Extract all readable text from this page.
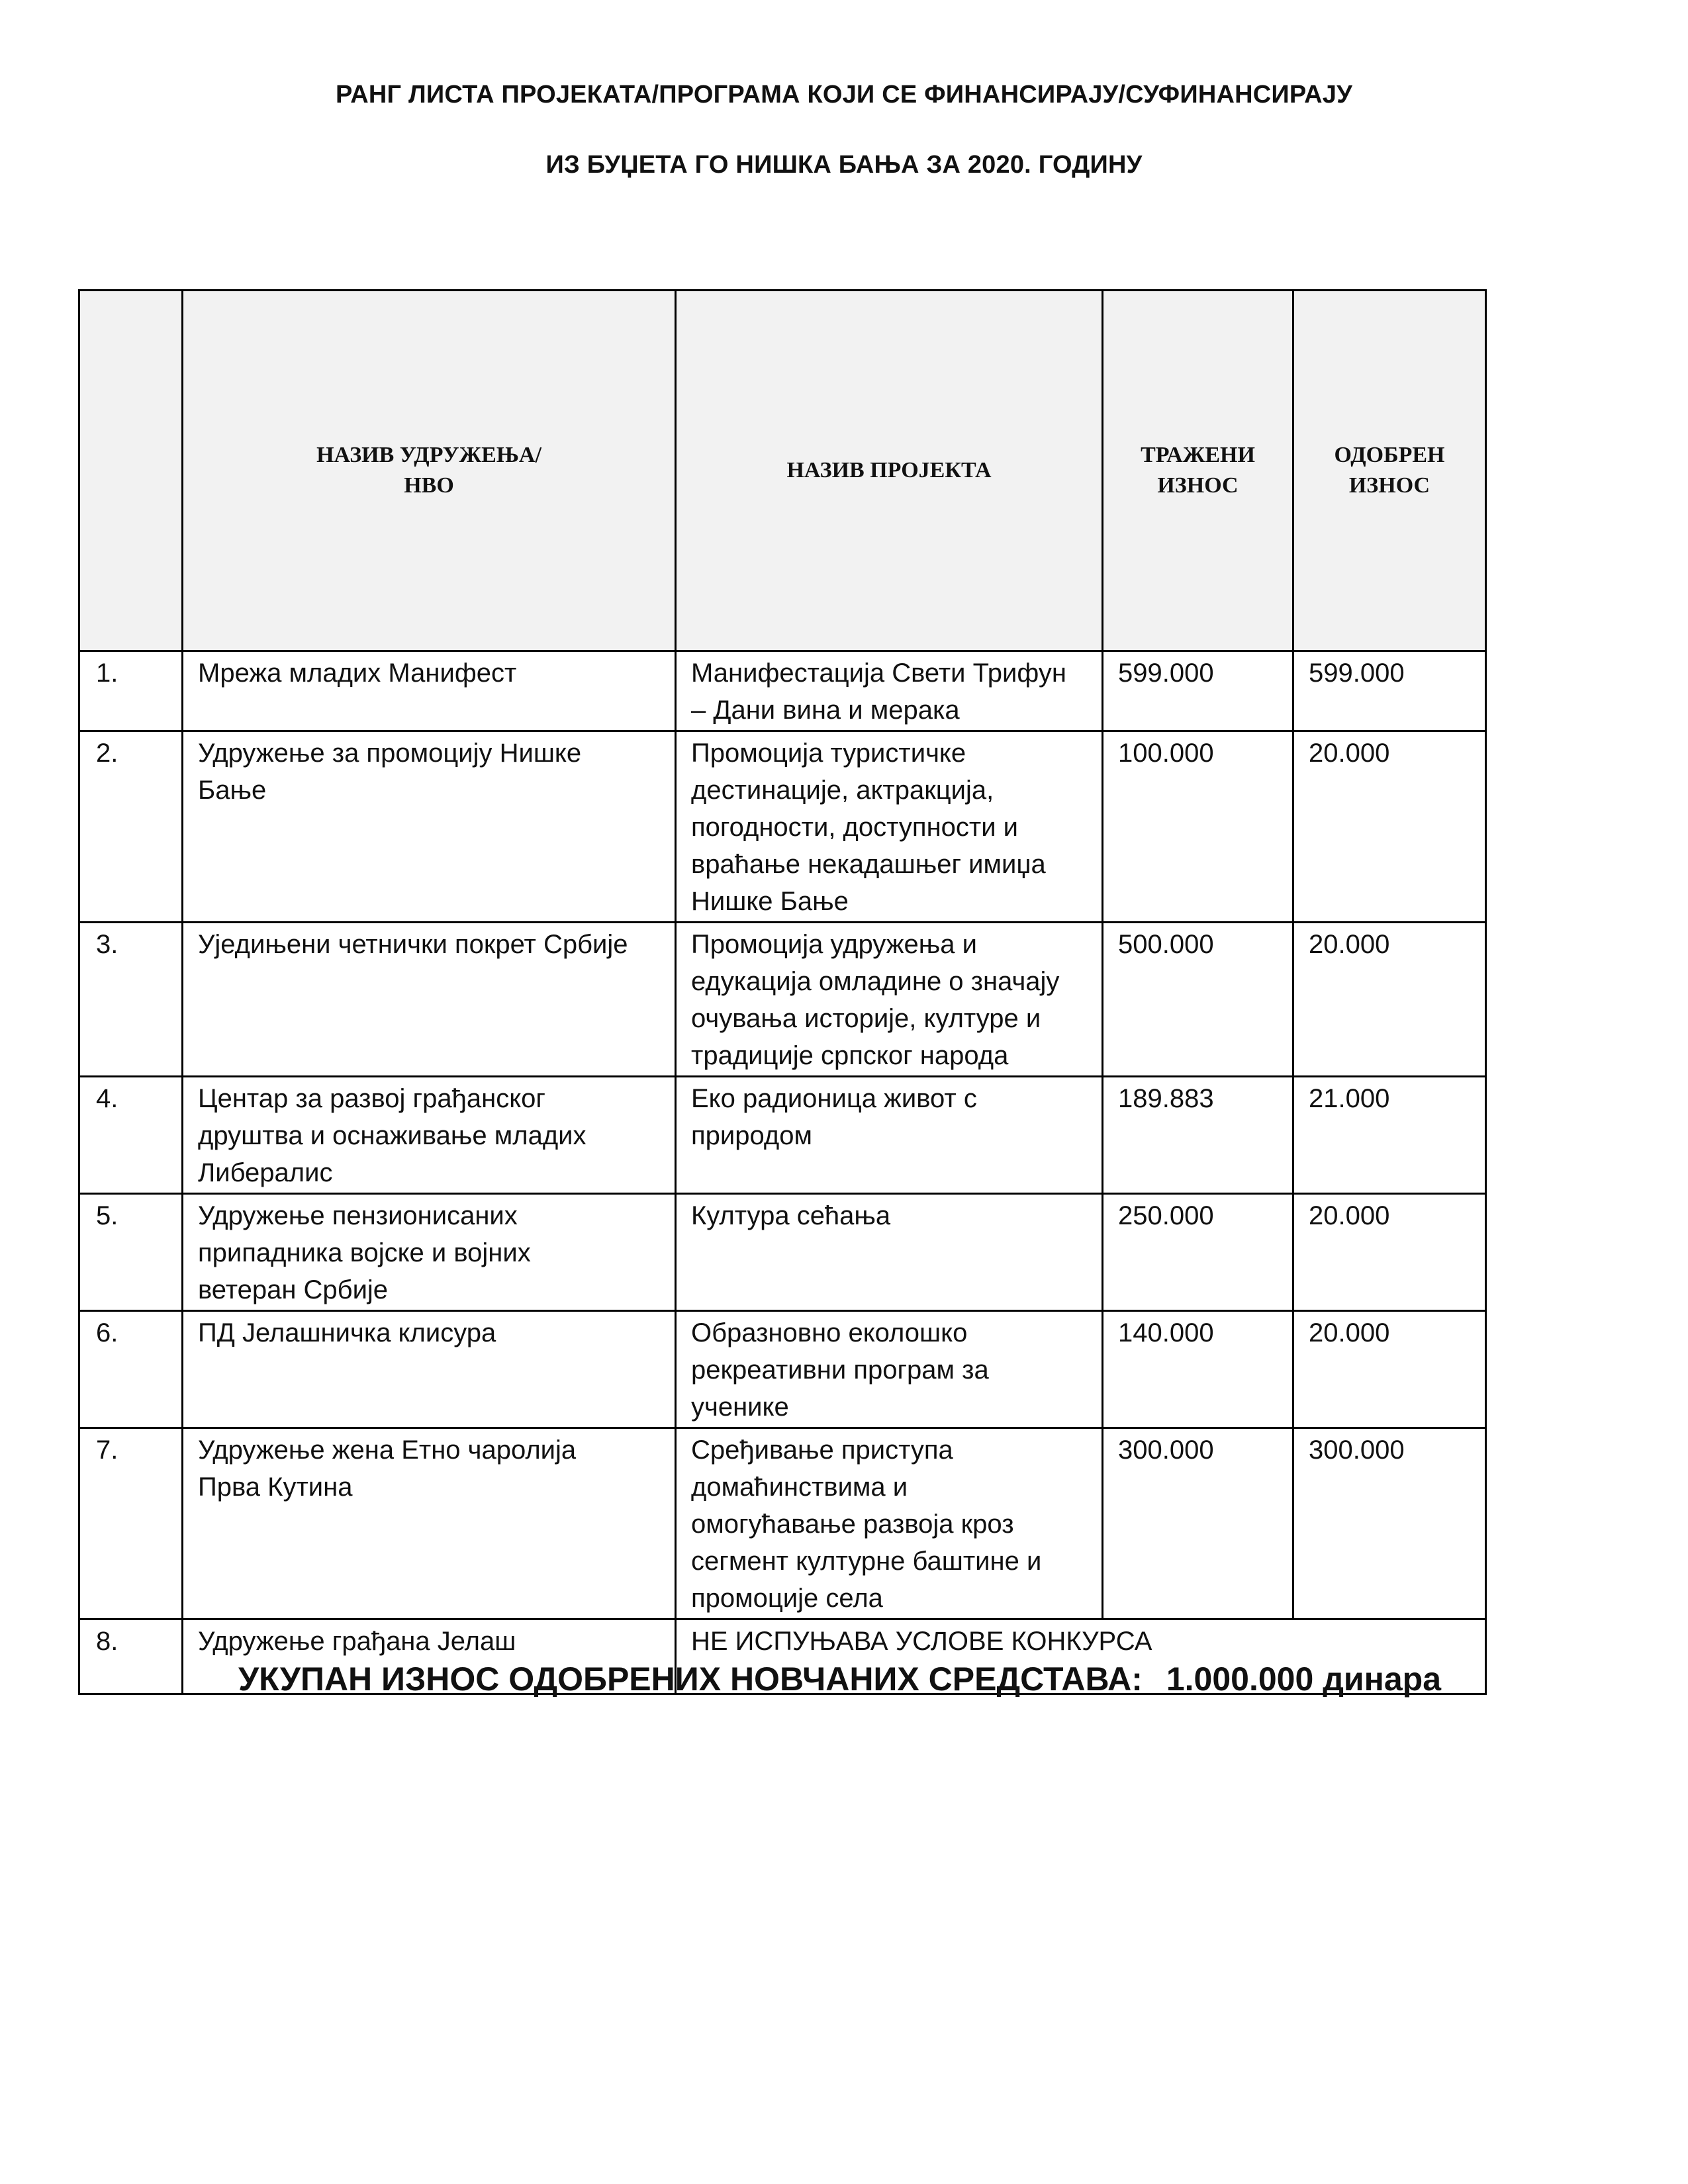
РАНГ ЛИСТА ПРОЈЕКАТА/ПРОГРАМА КОЈИ СЕ ФИНАНСИРАЈУ/СУФИНАНСИРАЈУ
ИЗ БУЏЕТА ГО НИШКА БАЊА ЗА 2020. ГОДИНУ

	НАЗИВ УДРУЖЕЊА/
НВО	НАЗИВ ПРОЈЕКТА	ТРАЖЕНИ
ИЗНОС	ОДОБРЕН
ИЗНОС

1.	Мрежа младих Манифест	Манифестација Свети Трифун
– Дани вина и мерака	599.000	599.000
2.	Удружење за промоцију Нишке
Бање	Промоција туристичке
дестинације, актракција,
погодности, доступности и
враћање некадашњег имиџа
Нишке Бање	100.000	20.000
3.	Уједињени четнички покрет Србије	Промоција удружења и
едукација омладине о значају
очувања историје, културе и
традиције српског народа	500.000	20.000
4.	Центар за развој грађанског
друштва и оснаживање младих
Либералис	Еко радионица живот с
природом	189.883	21.000
5.	Удружење пензионисаних
припадника војске и војних
ветеран Србије	Култура сећања	250.000	20.000
6.	ПД Јелашничка клисура	Образновно еколошко
рекреативни програм за
ученике	140.000	20.000
7.	Удружење жена Етно чаролија
Прва Кутина	Сређивање приступа
домаћинствима и
омогућавање развоја кроз
сегмент културне баштине и
промоције села	300.000	300.000
8.	Удружење грађана Јелаш	НЕ ИСПУЊАВА УСЛОВЕ КОНКУРСА		
УКУПАН ИЗНОС ОДОБРЕНИХ НОВЧАНИХ СРЕДСТАВА: 1.000.000 динара
